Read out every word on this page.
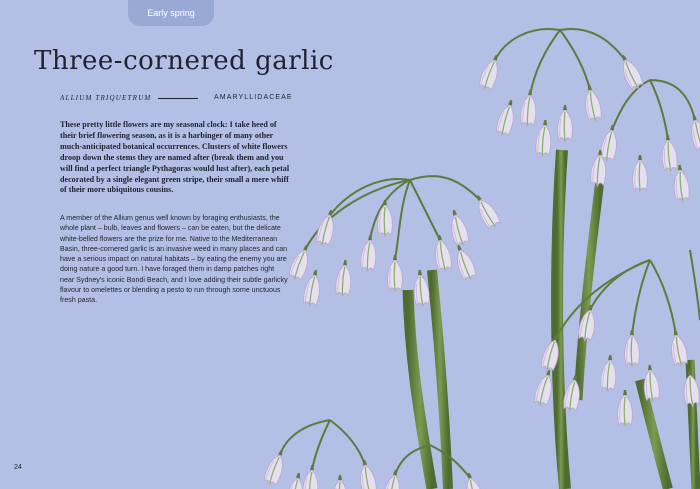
Early spring
Three-cornered garlic
ALLIUM TRIQUETRUM	AMARYLLIDACEAE

These pretty little flowers are my seasonal clock: I take heed of their brief flowering season, as it is a harbinger of many other much-anticipated botanical occurrences. Clusters of white flowers droop down the stems they are named after (break them and you will find a perfect triangle Pythagoras would lust after), each petal decorated by a single elegant green stripe, their small a mere whiff of their more ubiquitous cousins.

A member of the Allium genus well known by foraging enthusiasts, the whole plant – bulb, leaves and flowers – can be eaten, but the delicate white-belled flowers are the prize for me. Native to the Mediterranean Basin, three-cornered garlic is an invasive weed in many places and can have a serious impact on natural habitats – by eating the enemy you are doing nature a good turn. I have foraged them in damp patches right near Sydney's iconic Bondi Beach, and I love adding their subtle garlicky flavour to omelettes or blending a pesto to run through some unctuous fresh pasta.

24
